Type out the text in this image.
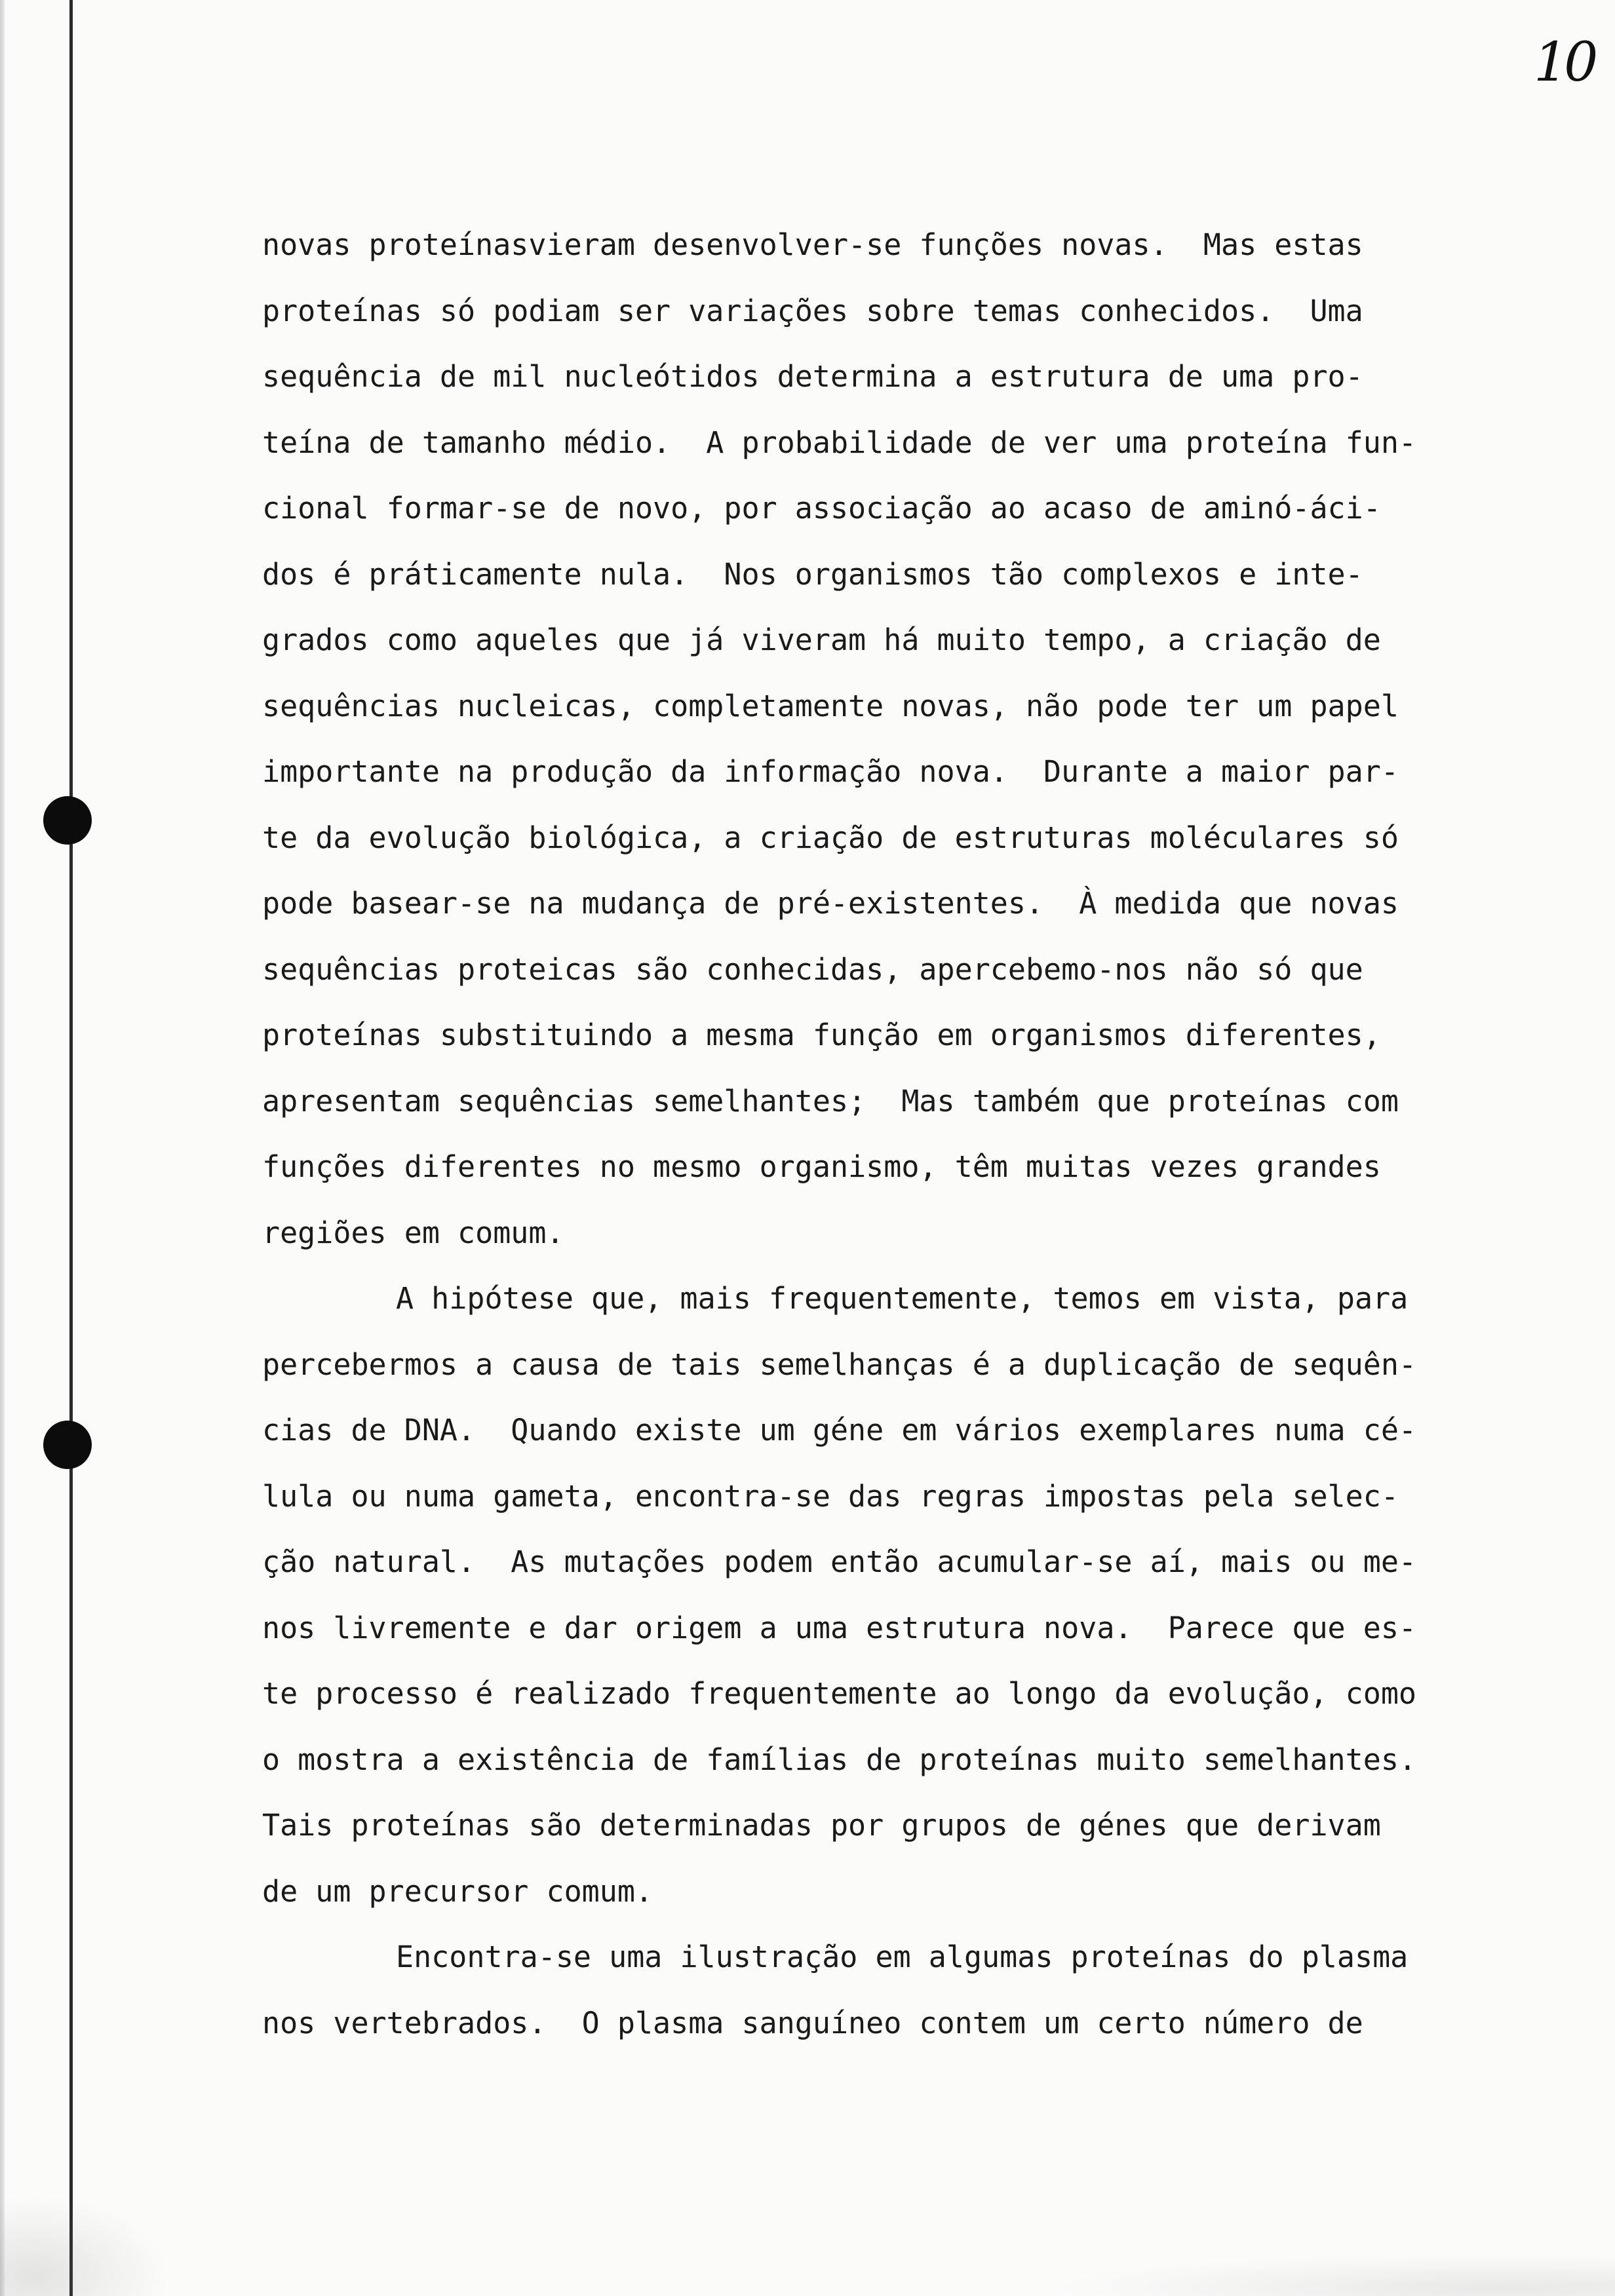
10
novas proteínasvieram desenvolver-se funções novas.  Mas estas
proteínas só podiam ser variações sobre temas conhecidos.  Uma
sequência de mil nucleótidos determina a estrutura de uma pro-
teína de tamanho médio.  A probabilidade de ver uma proteína fun-
cional formar-se de novo, por associação ao acaso de aminó-áci-
dos é práticamente nula.  Nos organismos tão complexos e inte-
grados como aqueles que já viveram há muito tempo, a criação de
sequências nucleicas, completamente novas, não pode ter um papel
importante na produção da informação nova.  Durante a maior par-
te da evolução biológica, a criação de estruturas moléculares só
pode basear-se na mudança de pré-existentes.  À medida que novas
sequências proteicas são conhecidas, apercebemo-nos não só que
proteínas substituindo a mesma função em organismos diferentes,
apresentam sequências semelhantes;  Mas também que proteínas com
funções diferentes no mesmo organismo, têm muitas vezes grandes
regiões em comum.
A hipótese que, mais frequentemente, temos em vista, para
percebermos a causa de tais semelhanças é a duplicação de sequên-
cias de DNA.  Quando existe um géne em vários exemplares numa cé-
lula ou numa gameta, encontra-se das regras impostas pela selec-
ção natural.  As mutações podem então acumular-se aí, mais ou me-
nos livremente e dar origem a uma estrutura nova.  Parece que es-
te processo é realizado frequentemente ao longo da evolução, como
o mostra a existência de famílias de proteínas muito semelhantes.
Tais proteínas são determinadas por grupos de génes que derivam
de um precursor comum.
Encontra-se uma ilustração em algumas proteínas do plasma
nos vertebrados.  O plasma sanguíneo contem um certo número de
